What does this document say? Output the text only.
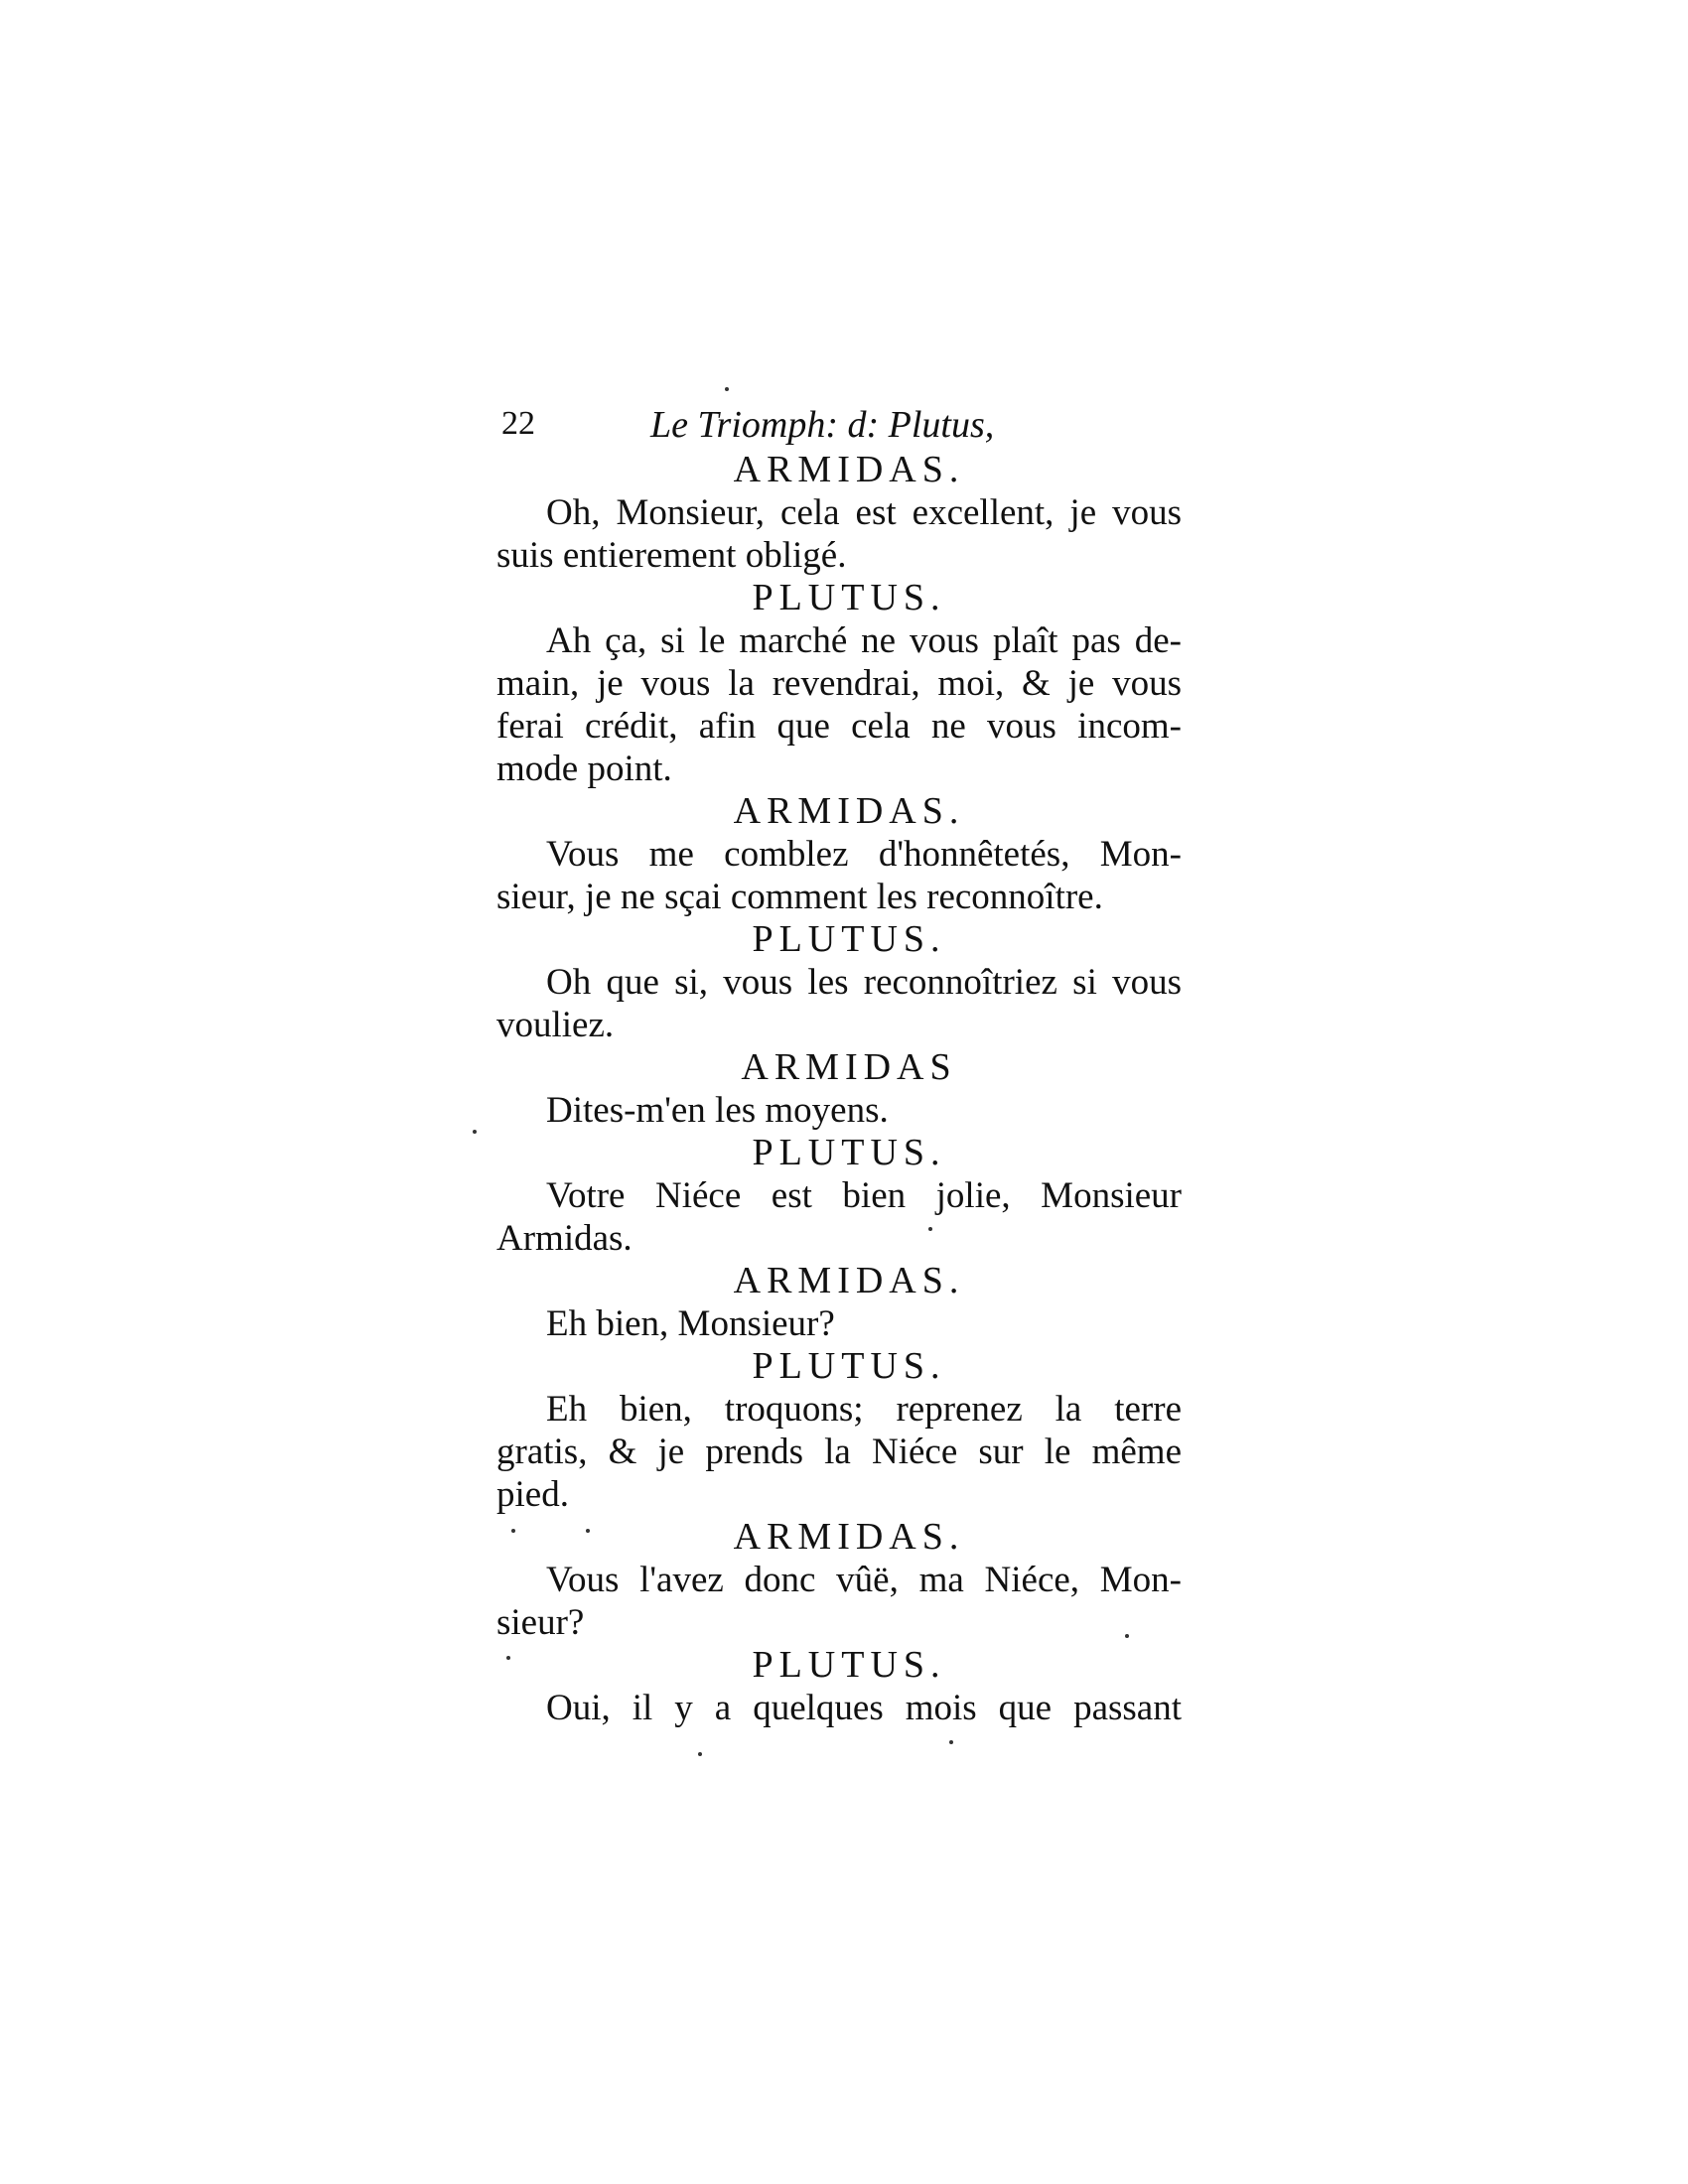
22	Le Triomph: d: Plutus,
ARMIDAS.
Oh, Monsieur, cela est excellent, je vous
suis entierement obligé.
PLUTUS.
Ah ça, si le marché ne vous plaît pas de-
main, je vous la revendrai, moi, & je vous
ferai crédit, afin que cela ne vous incom-
mode point.
ARMIDAS.
Vous me comblez d'honnêtetés, Mon-
sieur, je ne sçai comment les reconnoître.
PLUTUS.
Oh que si, vous les reconnoîtriez si vous
vouliez.
ARMIDAS
Dites-m'en les moyens.
PLUTUS.
Votre Niéce est bien jolie, Monsieur
Armidas.
ARMIDAS.
Eh bien, Monsieur?
PLUTUS.
Eh bien, troquons; reprenez la terre
gratis, & je prends la Niéce sur le même
pied.
ARMIDAS.
Vous l'avez donc vûë, ma Niéce, Mon-
sieur?
PLUTUS.
Oui, il y a quelques mois que passant
